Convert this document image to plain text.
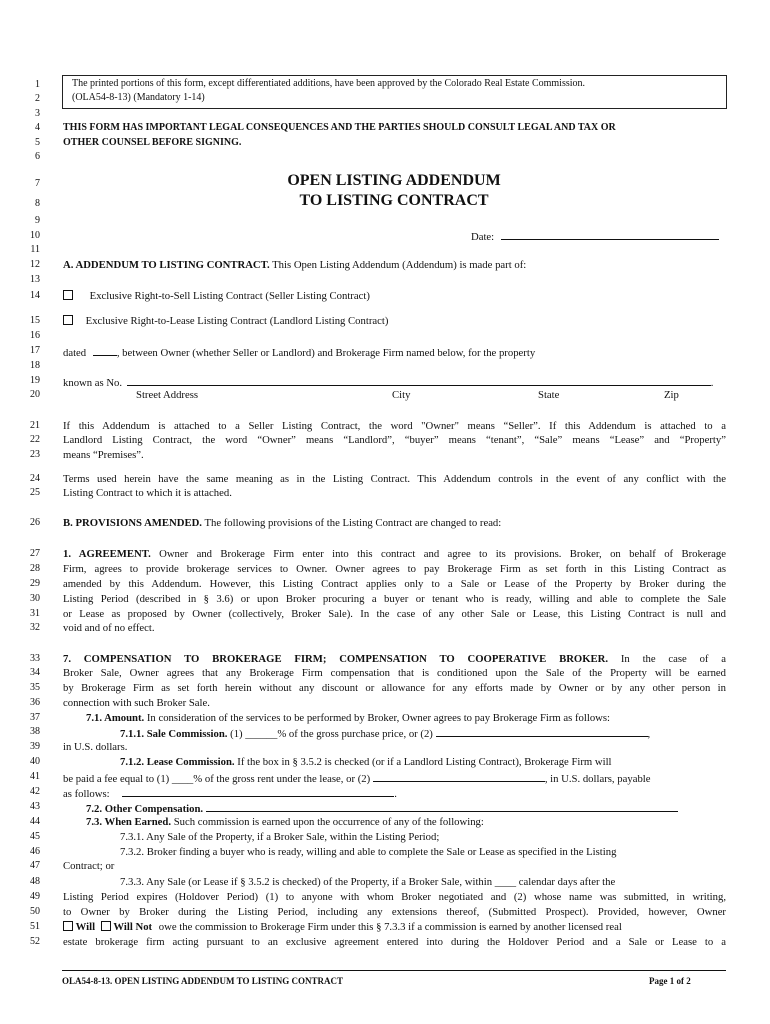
1
2
3
4
5
6
7
8
9
10
11
12
13
14
15
16
17
18
19
20
21
22
23
24
25
26
27
28
29
30
31
32
33
34
35
36
37
38
39
40
41
42
43
44
45
46
47
48
49
50
51
52
The printed portions of this form, except differentiated additions, have been approved by the Colorado Real Estate Commission.
(OLA54-8-13) (Mandatory 1-14)
THIS FORM HAS IMPORTANT LEGAL CONSEQUENCES AND THE PARTIES SHOULD CONSULT LEGAL AND TAX OR
OTHER COUNSEL BEFORE SIGNING.
OPEN LISTING ADDENDUM
TO LISTING CONTRACT
Date:
A. ADDENDUM TO LISTING CONTRACT. This Open Listing Addendum (Addendum) is made part of:
Exclusive Right-to-Sell Listing Contract (Seller Listing Contract)
Exclusive Right-to-Lease Listing Contract (Landlord Listing Contract)
dated	, between Owner (whether Seller or Landlord) and Brokerage Firm named below, for the property
known as No.	.
Street Address	City	State	Zip
If this Addendum is attached to a Seller Listing Contract, the word "Owner" means “Seller”. If this Addendum is attached to a
Landlord Listing Contract, the word “Owner” means “Landlord”, “buyer” means “tenant”, “Sale” means “Lease” and “Property”
means “Premises”.
Terms used herein have the same meaning as in the Listing Contract. This Addendum controls in the event of any conflict with the
Listing Contract to which it is attached.
B. PROVISIONS AMENDED. The following provisions of the Listing Contract are changed to read:
1. AGREEMENT. Owner and Brokerage Firm enter into this contract and agree to its provisions. Broker, on behalf of Brokerage
Firm, agrees to provide brokerage services to Owner. Owner agrees to pay Brokerage Firm as set forth in this Listing Contract as
amended by this Addendum. However, this Listing Contract applies only to a Sale or Lease of the Property by Broker during the
Listing Period (described in § 3.6) or upon Broker procuring a buyer or tenant who is ready, willing and able to complete the Sale
or Lease as proposed by Owner (collectively, Broker Sale). In the case of any other Sale or Lease, this Listing Contract is null and
void and of no effect.
7. COMPENSATION TO BROKERAGE FIRM; COMPENSATION TO COOPERATIVE BROKER. In the case of a
Broker Sale, Owner agrees that any Brokerage Firm compensation that is conditioned upon the Sale of the Property will be earned
by Brokerage Firm as set forth herein without any discount or allowance for any efforts made by Owner or by any other person in
connection with such Broker Sale.
7.1. Amount. In consideration of the services to be performed by Broker, Owner agrees to pay Brokerage Firm as follows:
7.1.1. Sale Commission. (1) ______% of the gross purchase price, or (2)	,
in U.S. dollars.
7.1.2. Lease Commission. If the box in § 3.5.2 is checked (or if a Landlord Listing Contract), Brokerage Firm will
be paid a fee equal to (1) ____% of the gross rent under the lease, or (2)	, in U.S. dollars, payable
as follows:	.
7.2. Other Compensation.
7.3. When Earned. Such commission is earned upon the occurrence of any of the following:
7.3.1. Any Sale of the Property, if a Broker Sale, within the Listing Period;
7.3.2. Broker finding a buyer who is ready, willing and able to complete the Sale or Lease as specified in the Listing
Contract; or
7.3.3. Any Sale (or Lease if § 3.5.2 is checked) of the Property, if a Broker Sale, within ____ calendar days after the
Listing Period expires (Holdover Period) (1) to anyone with whom Broker negotiated and (2) whose name was submitted, in writing,
to Owner by Broker during the Listing Period, including any extensions thereof, (Submitted Prospect). Provided, however, Owner
Will Will Not owe the commission to Brokerage Firm under this § 7.3.3 if a commission is earned by another licensed real
estate brokerage firm acting pursuant to an exclusive agreement entered into during the Holdover Period and a Sale or Lease to a
OLA54-8-13. OPEN LISTING ADDENDUM TO LISTING CONTRACT	Page 1 of 2
